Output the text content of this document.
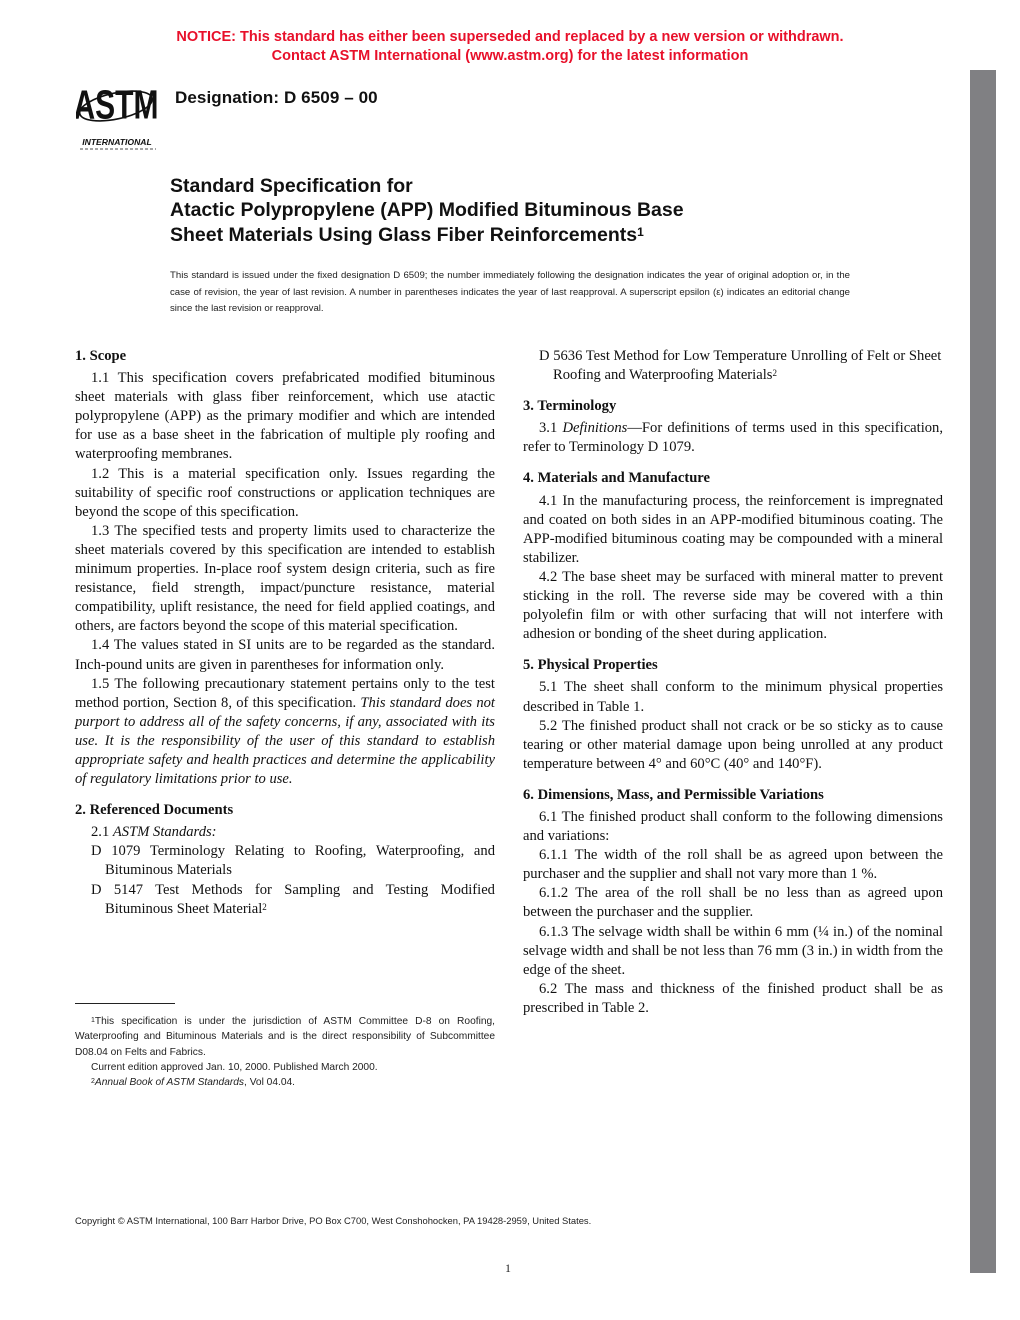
NOTICE: This standard has either been superseded and replaced by a new version or withdrawn.
Contact ASTM International (www.astm.org) for the latest information
ASTM
INTERNATIONAL
Designation: D 6509 – 00
Standard Specification for
Atactic Polypropylene (APP) Modified Bituminous Base
Sheet Materials Using Glass Fiber Reinforcements$^1$
This standard is issued under the fixed designation D 6509; the number immediately following the designation indicates the year of original adoption or, in the case of revision, the year of last revision. A number in parentheses indicates the year of last reapproval. A superscript epsilon (ε) indicates an editorial change since the last revision or reapproval.

1. Scope

1.1 This specification covers prefabricated modified bituminous sheet materials with glass fiber reinforcement, which use atactic polypropylene (APP) as the primary modifier and which are intended for use as a base sheet in the fabrication of multiple ply roofing and waterproofing membranes.

1.2 This is a material specification only. Issues regarding the suitability of specific roof constructions or application techniques are beyond the scope of this specification.

1.3 The specified tests and property limits used to characterize the sheet materials covered by this specification are intended to establish minimum properties. In-place roof system design criteria, such as fire resistance, field strength, impact/puncture resistance, material compatibility, uplift resistance, the need for field applied coatings, and others, are factors beyond the scope of this material specification.

1.4 The values stated in SI units are to be regarded as the standard. Inch-pound units are given in parentheses for information only.

1.5 The following precautionary statement pertains only to the test method portion, Section 8, of this specification. This standard does not purport to address all of the safety concerns, if any, associated with its use. It is the responsibility of the user of this standard to establish appropriate safety and health practices and determine the applicability of regulatory limitations prior to use.

2. Referenced Documents

2.1 ASTM Standards:

D 1079 Terminology Relating to Roofing, Waterproofing, and Bituminous Materials

D 5147 Test Methods for Sampling and Testing Modified Bituminous Sheet Material$^2$

$^1$This specification is under the jurisdiction of ASTM Committee D-8 on Roofing, Waterproofing and Bituminous Materials and is the direct responsibility of Subcommittee D08.04 on Felts and Fabrics.

Current edition approved Jan. 10, 2000. Published March 2000.

$^2$Annual Book of ASTM Standards, Vol 04.04.

D 5636 Test Method for Low Temperature Unrolling of Felt or Sheet Roofing and Waterproofing Materials$^2$

3. Terminology

3.1 Definitions—For definitions of terms used in this specification, refer to Terminology D 1079.

4. Materials and Manufacture

4.1 In the manufacturing process, the reinforcement is impregnated and coated on both sides in an APP-modified bituminous coating. The APP-modified bituminous coating may be compounded with a mineral stabilizer.

4.2 The base sheet may be surfaced with mineral matter to prevent sticking in the roll. The reverse side may be covered with a thin polyolefin film or with other surfacing that will not interfere with adhesion or bonding of the sheet during application.

5. Physical Properties

5.1 The sheet shall conform to the minimum physical properties described in Table 1.

5.2 The finished product shall not crack or be so sticky as to cause tearing or other material damage upon being unrolled at any product temperature between 4° and 60°C (40° and 140°F).

6. Dimensions, Mass, and Permissible Variations

6.1 The finished product shall conform to the following dimensions and variations:

6.1.1 The width of the roll shall be as agreed upon between the purchaser and the supplier and shall not vary more than 1 %.

6.1.2 The area of the roll shall be no less than as agreed upon between the purchaser and the supplier.

6.1.3 The selvage width shall be within 6 mm (¼ in.) of the nominal selvage width and shall be not less than 76 mm (3 in.) in width from the edge of the sheet.

6.2 The mass and thickness of the finished product shall be as prescribed in Table 2.

Copyright © ASTM International, 100 Barr Harbor Drive, PO Box C700, West Conshohocken, PA 19428-2959, United States.
1
